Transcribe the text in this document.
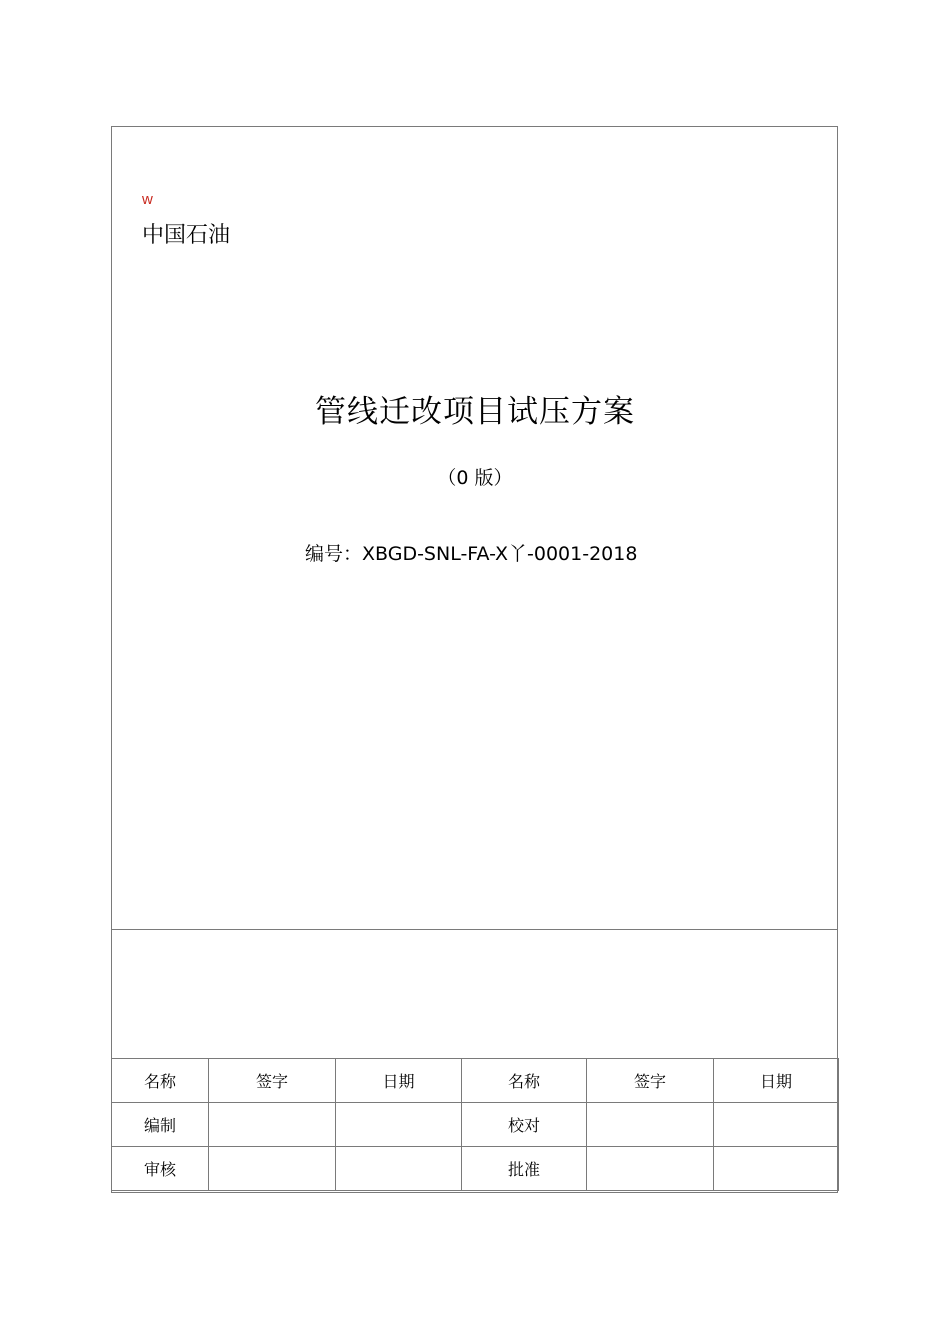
w
中国石油
管线迁改项目试压方案
（0 版）
编号：XBGD-SNL-FA-X丫-0001-2018
名称	签字	日期	名称	签字	日期
编制			校对		
审核			批准		
